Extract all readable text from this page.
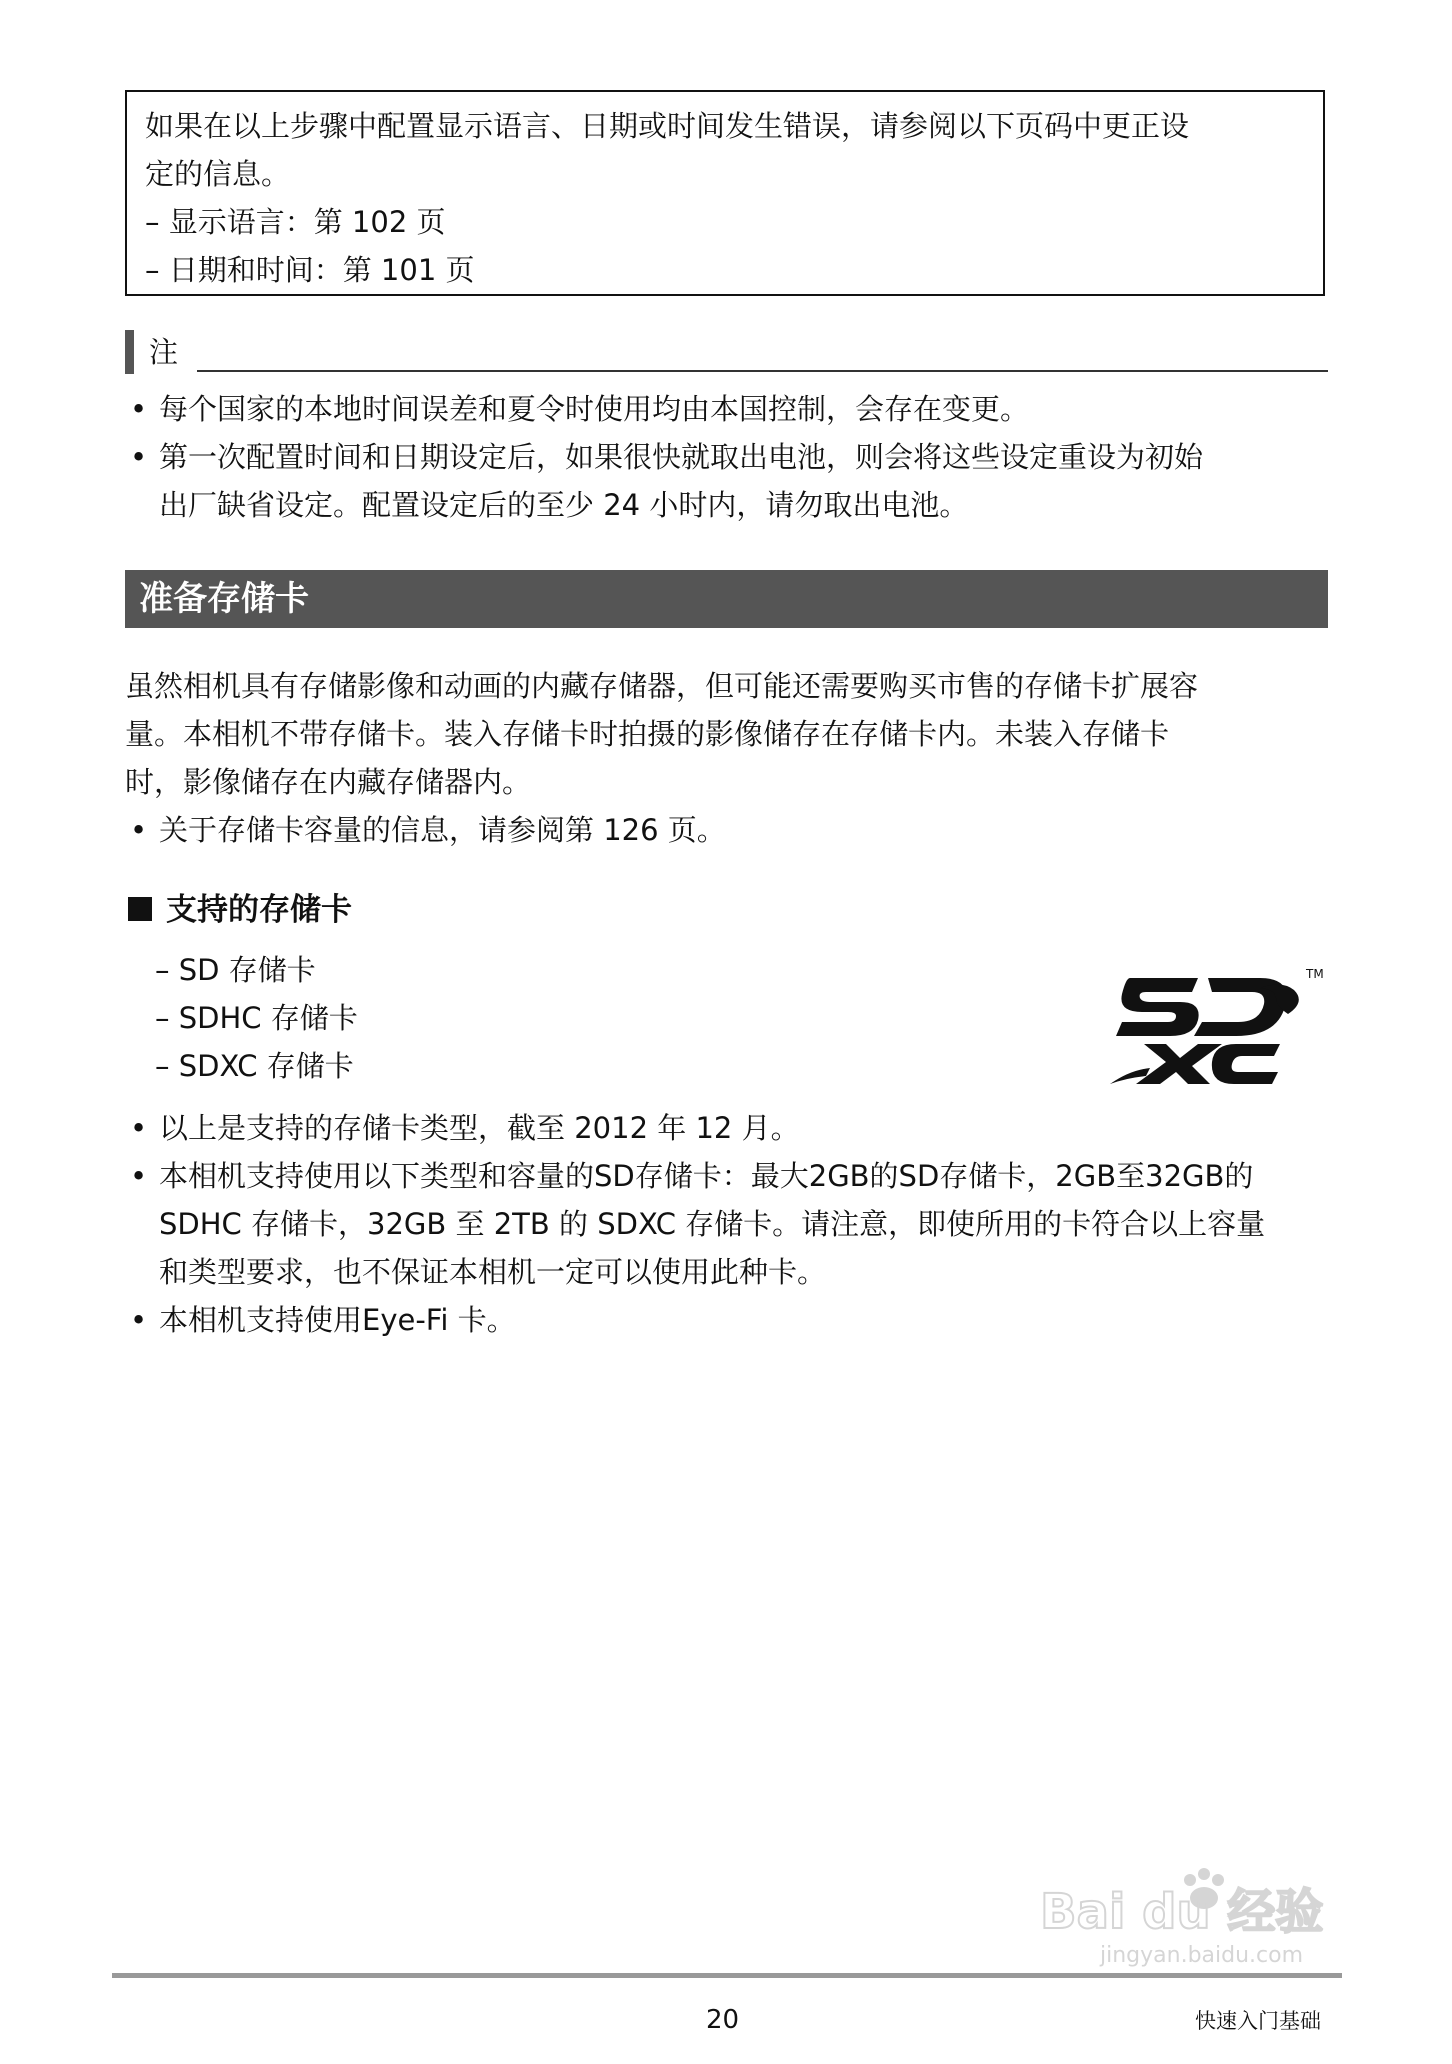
如果在以上步骤中配置显示语言、日期或时间发生错误，请参阅以下页码中更正设
定的信息。
– 显示语言：第 102 页
– 日期和时间：第 101 页
注
• 每个国家的本地时间误差和夏令时使用均由本国控制，会存在变更。
• 第一次配置时间和日期设定后，如果很快就取出电池，则会将这些设定重设为初始
出厂缺省设定。配置设定后的至少 24 小时内，请勿取出电池。
准备存储卡
虽然相机具有存储影像和动画的内藏存储器，但可能还需要购买市售的存储卡扩展容
量。本相机不带存储卡。装入存储卡时拍摄的影像储存在存储卡内。未装入存储卡
时，影像储存在内藏存储器内。
• 关于存储卡容量的信息，请参阅第 126 页。
支持的存储卡
– SD 存储卡
– SDHC 存储卡
– SDXC 存储卡
TM
• 以上是支持的存储卡类型，截至 2012 年 12 月。
• 本相机支持使用以下类型和容量的SD存储卡：最大2GB的SD存储卡，2GB至32GB的
SDHC 存储卡，32GB 至 2TB 的 SDXC 存储卡。请注意，即使所用的卡符合以上容量
和类型要求，也不保证本相机一定可以使用此种卡。
• 本相机支持使用Eye-Fi 卡。
Bai du 经验
jingyan.baidu.com
20	快速入门基础
